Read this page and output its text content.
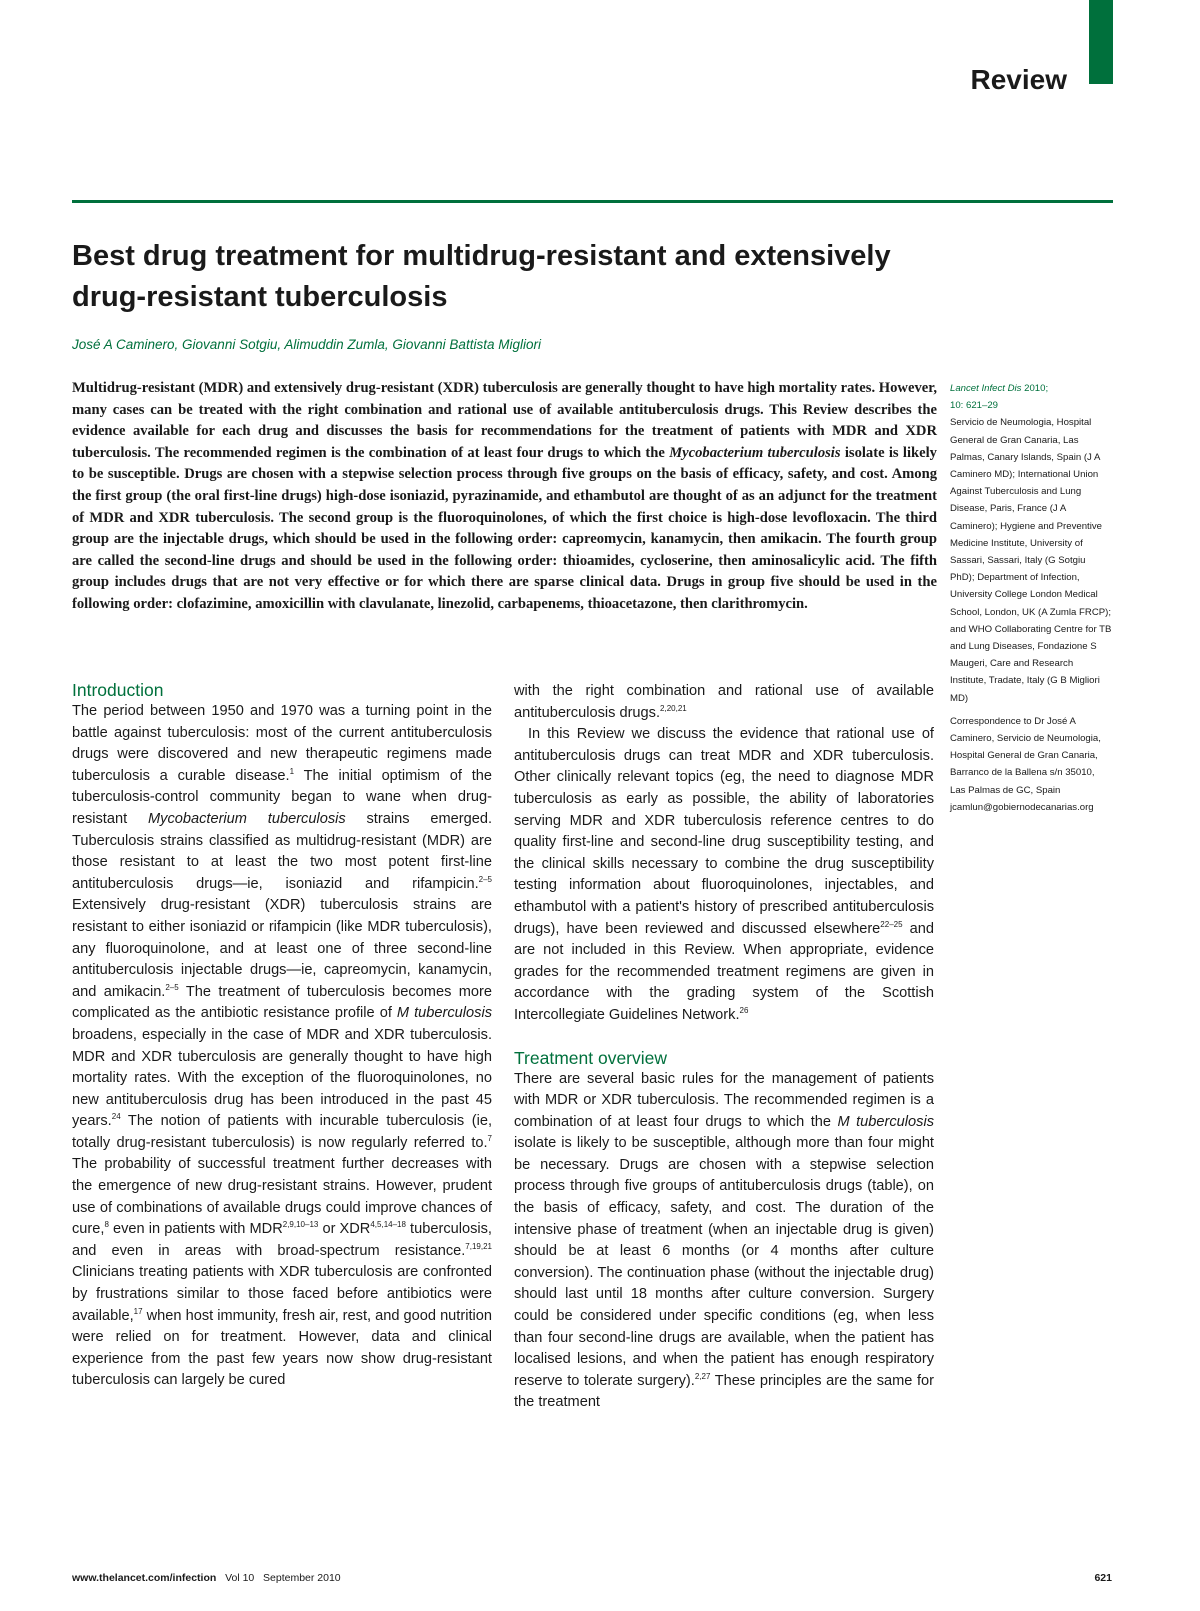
Review
Best drug treatment for multidrug-resistant and extensively drug-resistant tuberculosis

José A Caminero, Giovanni Sotgiu, Alimuddin Zumla, Giovanni Battista Migliori

Multidrug-resistant (MDR) and extensively drug-resistant (XDR) tuberculosis are generally thought to have high mortality rates. However, many cases can be treated with the right combination and rational use of available antituberculosis drugs. This Review describes the evidence available for each drug and discusses the basis for recommendations for the treatment of patients with MDR and XDR tuberculosis. The recommended regimen is the combination of at least four drugs to which the Mycobacterium tuberculosis isolate is likely to be susceptible. Drugs are chosen with a stepwise selection process through five groups on the basis of efficacy, safety, and cost. Among the first group (the oral first-line drugs) high-dose isoniazid, pyrazinamide, and ethambutol are thought of as an adjunct for the treatment of MDR and XDR tuberculosis. The second group is the fluoroquinolones, of which the first choice is high-dose levofloxacin. The third group are the injectable drugs, which should be used in the following order: capreomycin, kanamycin, then amikacin. The fourth group are called the second-line drugs and should be used in the following order: thioamides, cycloserine, then aminosalicylic acid. The fifth group includes drugs that are not very effective or for which there are sparse clinical data. Drugs in group five should be used in the following order: clofazimine, amoxicillin with clavulanate, linezolid, carbapenems, thioacetazone, then clarithromycin.

Lancet Infect Dis 2010;
10: 621–29

Servicio de Neumologia, Hospital General de Gran Canaria, Las Palmas, Canary Islands, Spain (J A Caminero MD); International Union Against Tuberculosis and Lung Disease, Paris, France (J A Caminero); Hygiene and Preventive Medicine Institute, University of Sassari, Sassari, Italy (G Sotgiu PhD); Department of Infection, University College London Medical School, London, UK (A Zumla FRCP); and WHO Collaborating Centre for TB and Lung Diseases, Fondazione S Maugeri, Care and Research Institute, Tradate, Italy (G B Migliori MD)

Correspondence to Dr José A Caminero, Servicio de Neumologia, Hospital General de Gran Canaria, Barranco de la Ballena s/n 35010, Las Palmas de GC, Spain jcamlun@gobiernodecanarias.org

Introduction

The period between 1950 and 1970 was a turning point in the battle against tuberculosis: most of the current antituberculosis drugs were discovered and new therapeutic regimens made tuberculosis a curable disease.$^1$ The initial optimism of the tuberculosis-control community began to wane when drug-resistant Mycobacterium tuberculosis strains emerged. Tuberculosis strains classified as multidrug-resistant (MDR) are those resistant to at least the two most potent first-line antituberculosis drugs—ie, isoniazid and rifampicin.$^{2-5}$ Extensively drug-resistant (XDR) tuberculosis strains are resistant to either isoniazid or rifampicin (like MDR tuberculosis), any fluoroquinolone, and at least one of three second-line antituberculosis injectable drugs—ie, capreomycin, kanamycin, and amikacin.$^{2-5}$ The treatment of tuberculosis becomes more complicated as the antibiotic resistance profile of M tuberculosis broadens, especially in the case of MDR and XDR tuberculosis. MDR and XDR tuberculosis are generally thought to have high mortality rates. With the exception of the fluoroquinolones, no new antituberculosis drug has been introduced in the past 45 years.$^{24}$ The notion of patients with incurable tuberculosis (ie, totally drug-resistant tuberculosis) is now regularly referred to.$^7$ The probability of successful treatment further decreases with the emergence of new drug-resistant strains. However, prudent use of combinations of available drugs could improve chances of cure,$^8$ even in patients with MDR$^{2,9,10-13}$ or XDR$^{4,5,14-18}$ tuberculosis, and even in areas with broad-spectrum resistance.$^{7,19,21}$ Clinicians treating patients with XDR tuberculosis are confronted by frustrations similar to those faced before antibiotics were available,$^{17}$ when host immunity, fresh air, rest, and good nutrition were relied on for treatment. However, data and clinical experience from the past few years now show drug-resistant tuberculosis can largely be cured

with the right combination and rational use of available antituberculosis drugs.$^{2,20,21}$

In this Review we discuss the evidence that rational use of antituberculosis drugs can treat MDR and XDR tuberculosis. Other clinically relevant topics (eg, the need to diagnose MDR tuberculosis as early as possible, the ability of laboratories serving MDR and XDR tuberculosis reference centres to do quality first-line and second-line drug susceptibility testing, and the clinical skills necessary to combine the drug susceptibility testing information about fluoroquinolones, injectables, and ethambutol with a patient's history of prescribed antituberculosis drugs), have been reviewed and discussed elsewhere$^{22-25}$ and are not included in this Review. When appropriate, evidence grades for the recommended treatment regimens are given in accordance with the grading system of the Scottish Intercollegiate Guidelines Network.$^{26}$

Treatment overview

There are several basic rules for the management of patients with MDR or XDR tuberculosis. The recommended regimen is a combination of at least four drugs to which the M tuberculosis isolate is likely to be susceptible, although more than four might be necessary. Drugs are chosen with a stepwise selection process through five groups of antituberculosis drugs (table), on the basis of efficacy, safety, and cost. The duration of the intensive phase of treatment (when an injectable drug is given) should be at least 6 months (or 4 months after culture conversion). The continuation phase (without the injectable drug) should last until 18 months after culture conversion. Surgery could be considered under specific conditions (eg, when less than four second-line drugs are available, when the patient has localised lesions, and when the patient has enough respiratory reserve to tolerate surgery).$^{2,27}$ These principles are the same for the treatment

www.thelancet.com/infection   Vol 10   September 2010	621
